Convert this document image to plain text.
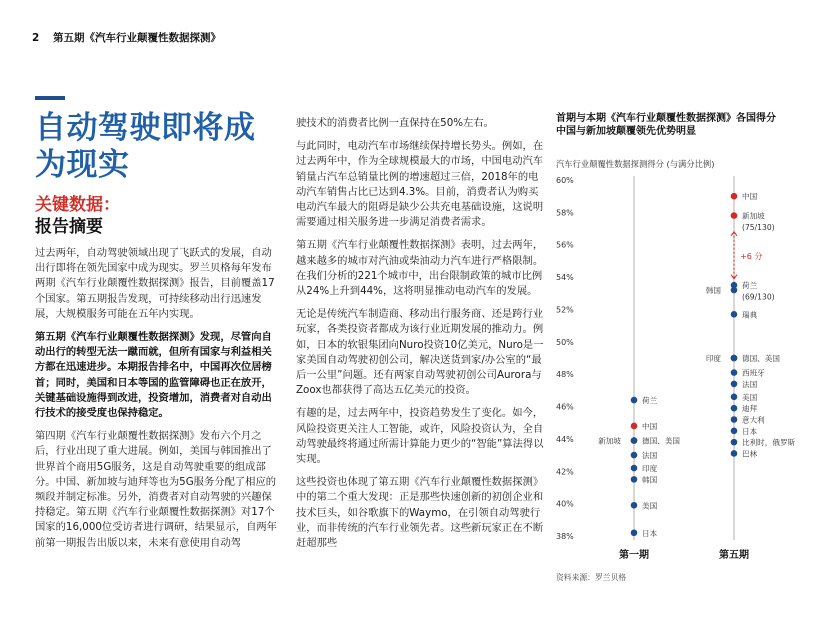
2 第五期《汽车行业颠覆性数据探测》
自动驾驶即将成为现实
关键数据：
报告摘要

过去两年，自动驾驶领域出现了飞跃式的发展，自动出行即将在领先国家中成为现实。罗兰贝格每年发布两期《汽车行业颠覆性数据探测》报告，目前覆盖17个国家。第五期报告发现，可持续移动出行迅速发展，大规模服务可能在五年内实现。

第五期《汽车行业颠覆性数据探测》发现，尽管向自动出行的转型无法一蹴而就，但所有国家与利益相关方都在迅速进步。本期报告排名中，中国再次位居榜首；同时，美国和日本等国的监管障碍也正在放开，关键基础设施得到改进，投资增加，消费者对自动出行技术的接受度也保持稳定。

第四期《汽车行业颠覆性数据探测》发布六个月之后，行业出现了重大进展。例如，美国与韩国推出了世界首个商用5G服务，这是自动驾驶重要的组成部分。中国、新加坡与迪拜等也为5G服务分配了相应的频段并制定标准。另外，消费者对自动驾驶的兴趣保持稳定。第五期《汽车行业颠覆性数据探测》对17个国家的16,000位受访者进行调研，结果显示，自两年前第一期报告出版以来，未来有意使用自动驾

驶技术的消费者比例一直保持在50%左右。

与此同时，电动汽车市场继续保持增长势头。例如，在过去两年中，作为全球规模最大的市场，中国电动汽车销量占汽车总销量比例的增速超过三倍，2018年的电动汽车销售占比已达到4.3%。目前，消费者认为购买电动汽车最大的阻碍是缺少公共充电基础设施，这说明需要通过相关服务进一步满足消费者需求。

第五期《汽车行业颠覆性数据探测》表明，过去两年，越来越多的城市对汽油或柴油动力汽车进行严格限制。在我们分析的221个城市中，出台限制政策的城市比例从24%上升到44%，这将明显推动电动汽车的发展。

无论是传统汽车制造商、移动出行服务商、还是跨行业玩家，各类投资者都成为该行业近期发展的推动力。例如，日本的软银集团向Nuro投资10亿美元，Nuro是一家美国自动驾驶初创公司，解决送货到家/办公室的“最后一公里”问题。还有两家自动驾驶初创公司Aurora与Zoox也都获得了高达五亿美元的投资。

有趣的是，过去两年中，投资趋势发生了变化。如今，风险投资更关注人工智能，或许，风险投资认为，全自动驾驶最终将通过所需计算能力更少的“智能”算法得以实现。

这些投资也体现了第五期《汽车行业颠覆性数据探测》中的第二个重大发现：正是那些快速创新的初创企业和技术巨头，如谷歌旗下的Waymo，在引领自动驾驶行业，而非传统的汽车行业领先者。这些新玩家正在不断赶超那些

首期与本期《汽车行业颠覆性数据探测》各国得分
中国与新加坡颠覆领先优势明显
汽车行业颠覆性数据探测得分 (与满分比例)
60%
58%
56%
54%
52%
50%
48%
46%
44%
42%
40%
38%
第一期	第五期
荷兰
中国
新加坡	德国、美国
法国
印度
韩国
美国
日本
中国
新加坡
(75/130)
荷兰
(69/130)
韩国
瑞典
德国、美国
印度
西班牙
法国
美国
迪拜
意大利
日本
比利时，俄罗斯
巴林
+6 分
资料来源：罗兰贝格
